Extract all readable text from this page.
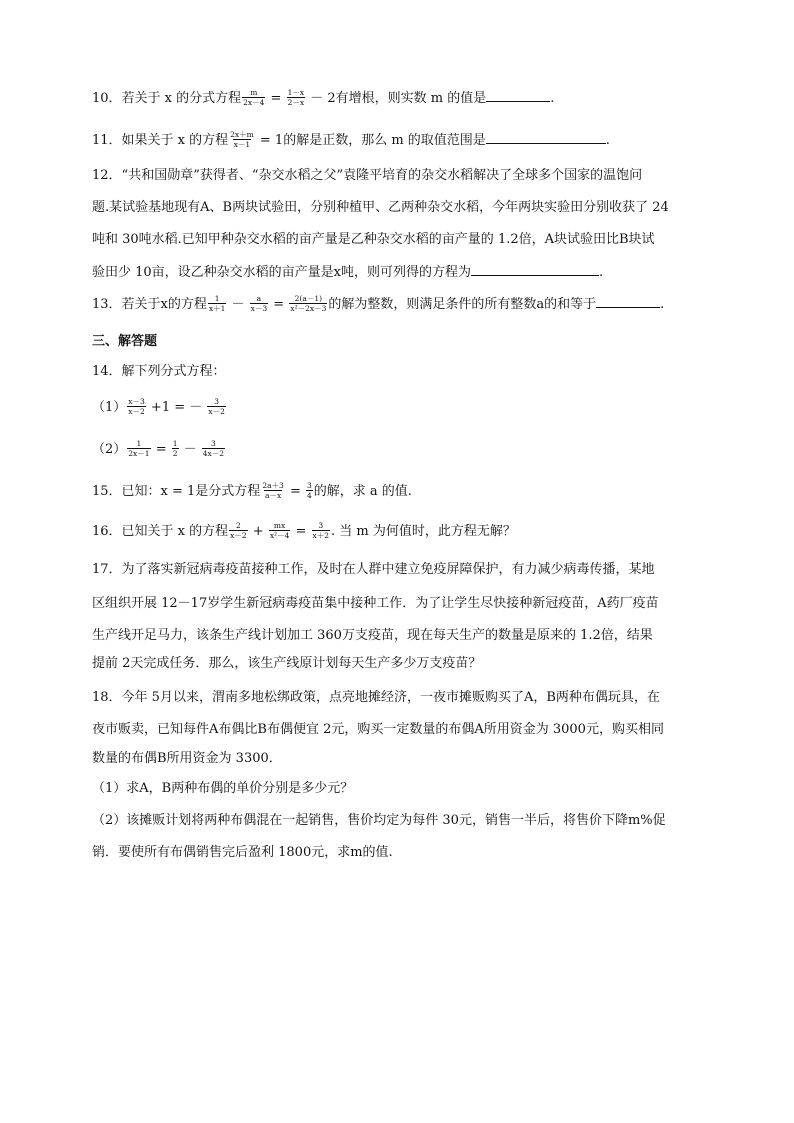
10．若关于 x 的分式方程 $\frac{m}{2x-4} = \frac{1-x}{2-x} - 2$有增根，则实数 m 的值是	.
11．如果关于 x 的方程 $\frac{2x+m}{x-1} = 1$的解是正数，那么 m 的取值范围是	.
12．“共和国勋章”获得者、“杂交水稻之父”袁隆平培育的杂交水稻解决了全球多个国家的温饱问
题.某试验基地现有A、B两块试验田，分别种植甲、乙两种杂交水稻，今年两块实验田分别收获了 24
吨和 30吨水稻.已知甲种杂交水稻的亩产量是乙种杂交水稻的亩产量的 1.2倍，A块试验田比B块试
验田少 10亩，设乙种杂交水稻的亩产量是x吨，则可列得的方程为	.
13．若关于x的方程 $\frac{1}{x+1} - \frac{a}{x-3} = \frac{2(a-1)}{\text{x²－2x－3}}$ 的解为整数，则满足条件的所有整数a的和等于	.
三、解答题
14．解下列分式方程：
$(1) \frac{x-3}{x-2} +1$ = － $\frac{3}{x-2}$
$(2) \frac{1}{2x-1} = \frac{1}{2} - \frac{3}{4x-2}$
15．已知：x = 1是分式方程 $\frac{2a+3}{a-x} = \frac{3}{4}$ 的解，求 a 的值.
16．已知关于 x 的方程 $\frac{2}{x-2} + \frac{mx}{\text{x²－4}} = \frac{3}{x+2}$ . 当 m 为何值时，此方程无解？
17．为了落实新冠病毒疫苗接种工作，及时在人群中建立免疫屏障保护，有力减少病毒传播，某地
区组织开展 12－17岁学生新冠病毒疫苗集中接种工作．为了让学生尽快接种新冠疫苗，A药厂疫苗
生产线开足马力，该条生产线计划加工 360万支疫苗，现在每天生产的数量是原来的 1.2倍，结果
提前 2天完成任务．那么，该生产线原计划每天生产多少万支疫苗？
18．今年 5月以来，渭南多地松绑政策，点亮地摊经济，一夜市摊贩购买了A，B两种布偶玩具，在
夜市贩卖，已知每件A布偶比B布偶便宜 2元，购买一定数量的布偶A所用资金为 3000元，购买相同
数量的布偶B所用资金为 3300．
（1）求A，B两种布偶的单价分别是多少元？
（2）该摊贩计划将两种布偶混在一起销售，售价均定为每件 30元，销售一半后，将售价下降m%促
销．要使所有布偶销售完后盈利 1800元，求m的值.
